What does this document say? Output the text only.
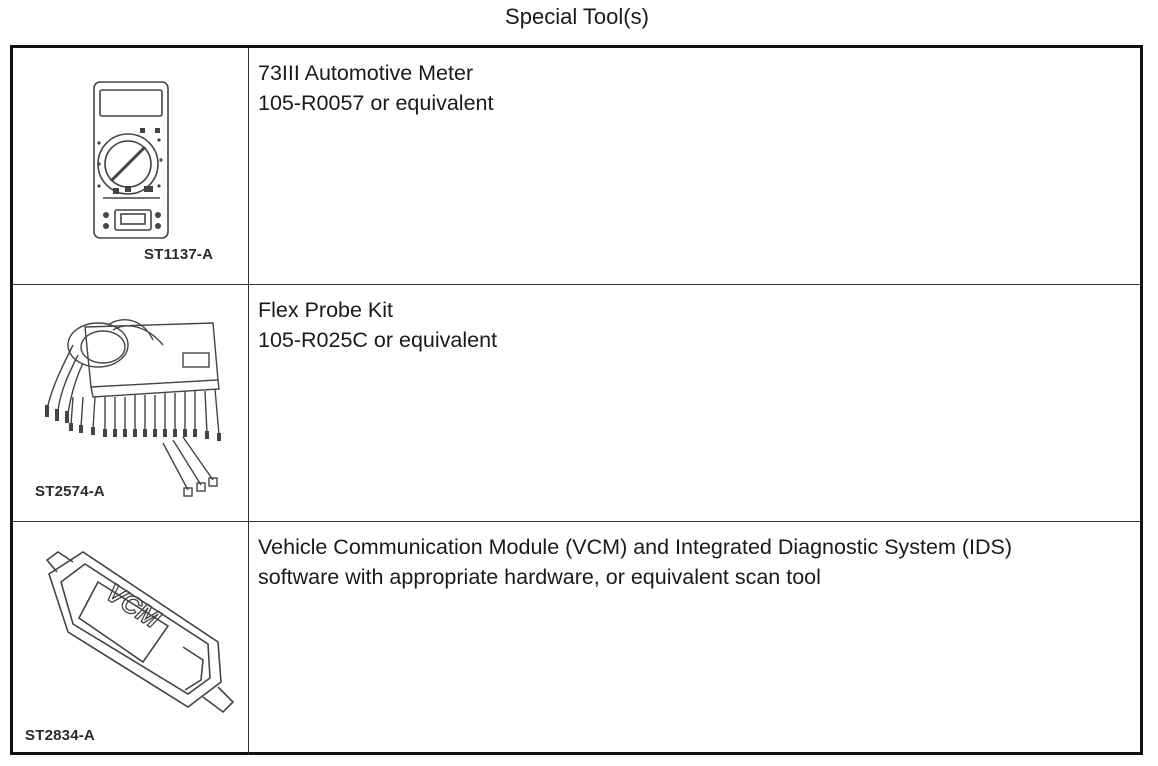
Special Tool(s)
ST1137-A
73III Automotive Meter
105-R0057 or equivalent
ST2574-A
Flex Probe Kit
105-R025C or equivalent
VCM
ST2834-A
Vehicle Communication Module (VCM) and Integrated Diagnostic System (IDS)
software with appropriate hardware, or equivalent scan tool
